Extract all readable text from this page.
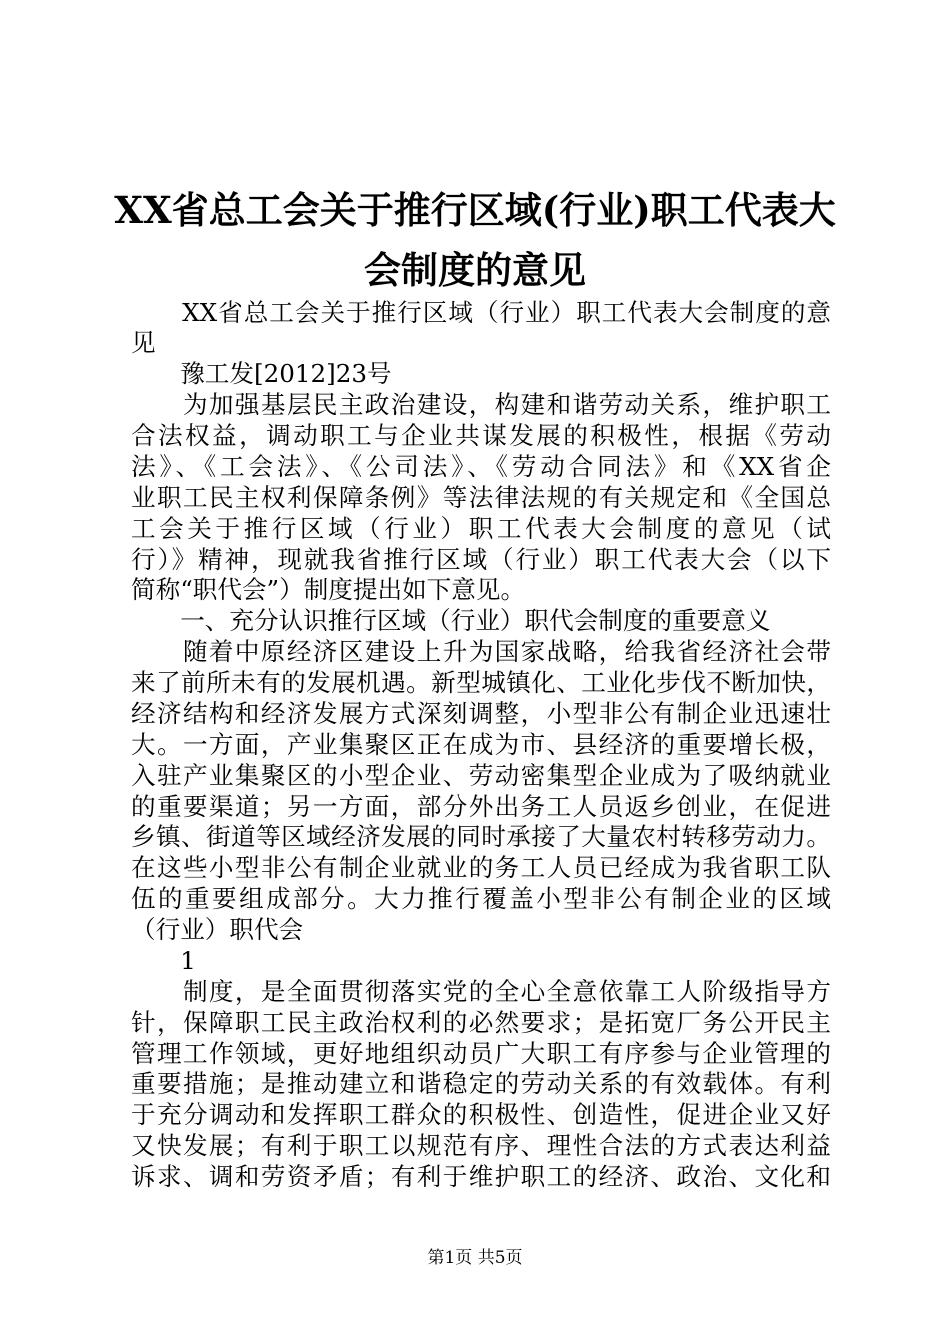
XX省总工会关于推行区域(行业)职工代表大
会制度的意见
　　XX省总工会关于推行区域（行业）职工代表大会制度的意
见
　　豫工发[2012]23号
　　为加强基层民主政治建设，构建和谐劳动关系，维护职工
合法权益，调动职工与企业共谋发展的积极性，根据《劳动
法》、《工会法》、《公司法》、《劳动合同法》和《XX省企
业职工民主权利保障条例》等法律法规的有关规定和《全国总
工会关于推行区域（行业）职工代表大会制度的意见（试
行）》精神，现就我省推行区域（行业）职工代表大会（以下
简称“职代会”）制度提出如下意见。
　　一、充分认识推行区域（行业）职代会制度的重要意义
　　随着中原经济区建设上升为国家战略，给我省经济社会带
来了前所未有的发展机遇。新型城镇化、工业化步伐不断加快，
经济结构和经济发展方式深刻调整，小型非公有制企业迅速壮
大。一方面，产业集聚区正在成为市、县经济的重要增长极，
入驻产业集聚区的小型企业、劳动密集型企业成为了吸纳就业
的重要渠道；另一方面，部分外出务工人员返乡创业，在促进
乡镇、街道等区域经济发展的同时承接了大量农村转移劳动力。
在这些小型非公有制企业就业的务工人员已经成为我省职工队
伍的重要组成部分。大力推行覆盖小型非公有制企业的区域
（行业）职代会
　　1
　　制度，是全面贯彻落实党的全心全意依靠工人阶级指导方
针，保障职工民主政治权利的必然要求；是拓宽厂务公开民主
管理工作领域，更好地组织动员广大职工有序参与企业管理的
重要措施；是推动建立和谐稳定的劳动关系的有效载体。有利
于充分调动和发挥职工群众的积极性、创造性，促进企业又好
又快发展；有利于职工以规范有序、理性合法的方式表达利益
诉求、调和劳资矛盾；有利于维护职工的经济、政治、文化和
第1页 共5页
